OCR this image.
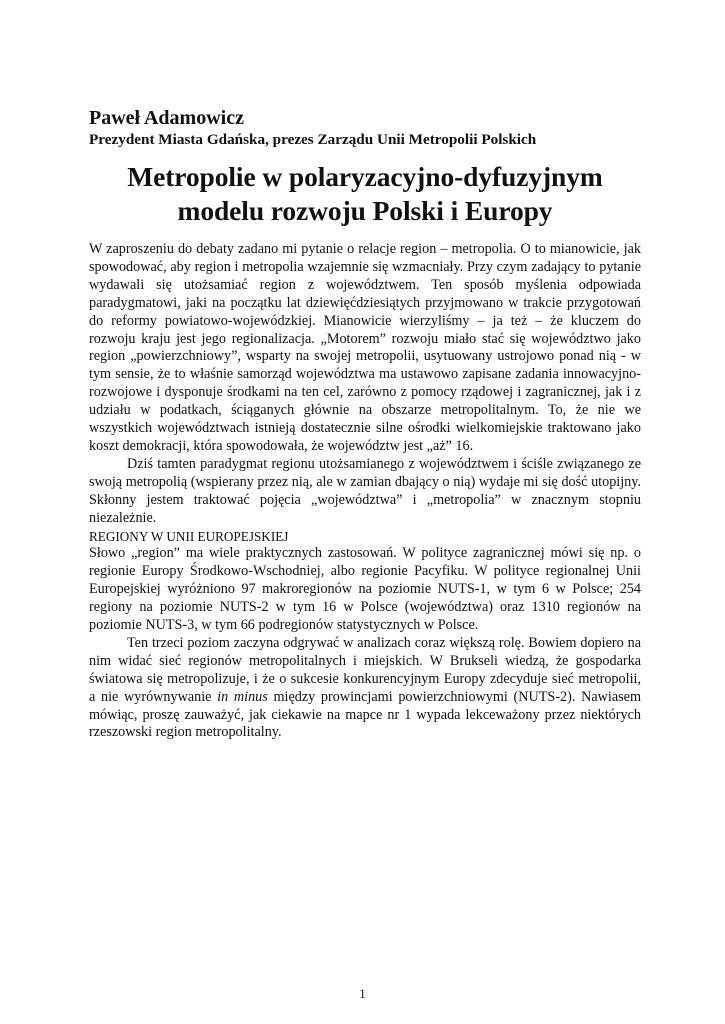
Paweł Adamowicz

Prezydent Miasta Gdańska, prezes Zarządu Unii Metropolii Polskich

Metropolie w polaryzacyjno-dyfuzyjnym
modelu rozwoju Polski i Europy

W zaproszeniu do debaty zadano mi pytanie o relacje region – metropolia. O to mianowicie, jak spowodować, aby region i metropolia wzajemnie się wzmacniały. Przy czym zadający to pytanie wydawali się utożsamiać region z województwem. Ten sposób myślenia odpowiada paradygmatowi, jaki na początku lat dziewięćdziesiątych przyjmowano w trakcie przygotowań do reformy powiatowo-wojewódzkiej. Mianowicie wierzyliśmy – ja też – że kluczem do rozwoju kraju jest jego regionalizacja. „Motorem” rozwoju miało stać się województwo jako region „powierzchniowy”, wsparty na swojej metropolii, usytuowany ustrojowo ponad nią - w tym sensie, że to właśnie samorząd województwa ma ustawowo zapisane zadania innowacyjno-rozwojowe i dysponuje środkami na ten cel, zarówno z pomocy rządowej i zagranicznej, jak i z udziału w podatkach, ściąganych głównie na obszarze metropolitalnym. To, że nie we wszystkich województwach istnieją dostatecznie silne ośrodki wielkomiejskie traktowano jako koszt demokracji, która spowodowała, że województw jest „aż” 16.

Dziś tamten paradygmat regionu utożsamianego z województwem i ściśle związanego ze swoją metropolią (wspierany przez nią, ale w zamian dbający o nią) wydaje mi się dość utopijny. Skłonny jestem traktować pojęcia „województwa” i „metropolia” w znacznym stopniu niezależnie.

REGIONY W UNII EUROPEJSKIEJ

Słowo „region” ma wiele praktycznych zastosowań. W polityce zagranicznej mówi się np. o regionie Europy Środkowo-Wschodniej, albo regionie Pacyfiku. W polityce regionalnej Unii Europejskiej wyróżniono 97 makroregionów na poziomie NUTS-1, w tym 6 w Polsce; 254 regiony na poziomie NUTS-2 w tym 16 w Polsce (województwa) oraz 1310 regionów na poziomie NUTS-3, w tym 66 podregionów statystycznych w Polsce.

Ten trzeci poziom zaczyna odgrywać w analizach coraz większą rolę. Bowiem dopiero na nim widać sieć regionów metropolitalnych i miejskich. W Brukseli wiedzą, że gospodarka światowa się metropolizuje, i że o sukcesie konkurencyjnym Europy zdecyduje sieć metropolii, a nie wyrównywanie in minus między prowincjami powierzchniowymi (NUTS-2). Nawiasem mówiąc, proszę zauważyć, jak ciekawie na mapce nr 1 wypada lekceważony przez niektórych rzeszowski region metropolitalny.

1
